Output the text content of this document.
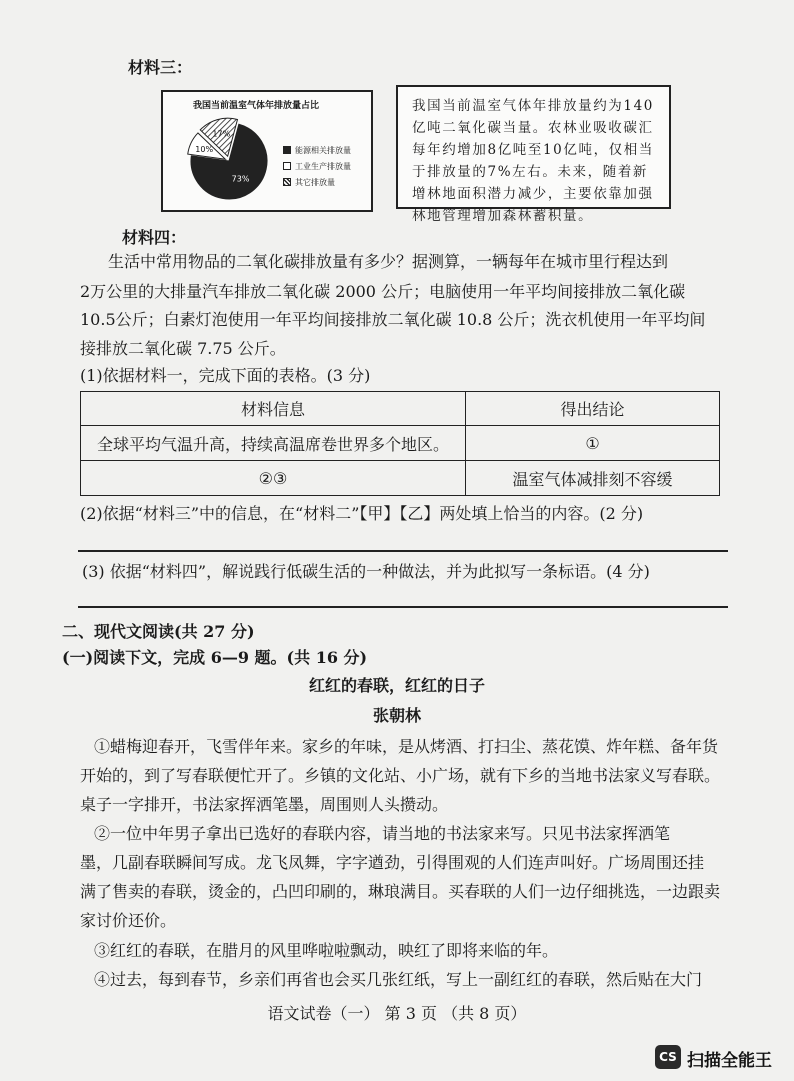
材料三：
我国当前温室气体年排放量占比
73%
10%
17%
能源相关排放量
工业生产排放量
其它排放量
我国当前温室气体年排放量约为140亿吨二氧化碳当量。农林业吸收碳汇每年约增加8亿吨至10亿吨，仅相当于排放量的7%左右。未来，随着新增林地面积潜力减少，主要依靠加强林地管理增加森林蓄积量。
材料四：
生活中常用物品的二氧化碳排放量有多少？据测算，一辆每年在城市里行程达到
2万公里的大排量汽车排放二氧化碳 2000 公斤；电脑使用一年平均间接排放二氧化碳
10.5公斤；白素灯泡使用一年平均间接排放二氧化碳 10.8 公斤；洗衣机使用一年平均间
接排放二氧化碳 7.75 公斤。
(1)依据材料一，完成下面的表格。(3 分)
材料信息	得出结论
全球平均气温升高，持续高温席卷世界多个地区。	①
②③	温室气体减排刻不容缓
(2)依据“材料三”中的信息，在“材料二”【甲】【乙】两处填上恰当的内容。(2 分)
(3) 依据“材料四”，解说践行低碳生活的一种做法，并为此拟写一条标语。(4 分)
二、现代文阅读(共 27 分)
(一)阅读下文，完成 6—9 题。(共 16 分)
红红的春联，红红的日子
张朝林
①蜡梅迎春开，飞雪伴年来。家乡的年味，是从烤酒、打扫尘、蒸花馍、炸年糕、备年货
开始的，到了写春联便忙开了。乡镇的文化站、小广场，就有下乡的当地书法家义写春联。
桌子一字排开，书法家挥洒笔墨，周围则人头攒动。
②一位中年男子拿出已选好的春联内容，请当地的书法家来写。只见书法家挥洒笔
墨，几副春联瞬间写成。龙飞凤舞，字字遒劲，引得围观的人们连声叫好。广场周围还挂
满了售卖的春联，烫金的，凸凹印刷的，琳琅满目。买春联的人们一边仔细挑选，一边跟卖
家讨价还价。
③红红的春联，在腊月的风里哗啦啦飘动，映红了即将来临的年。
④过去，每到春节，乡亲们再省也会买几张红纸，写上一副红红的春联，然后贴在大门
语文试卷（一） 第 3 页 （共 8 页）
CS 扫描全能王
